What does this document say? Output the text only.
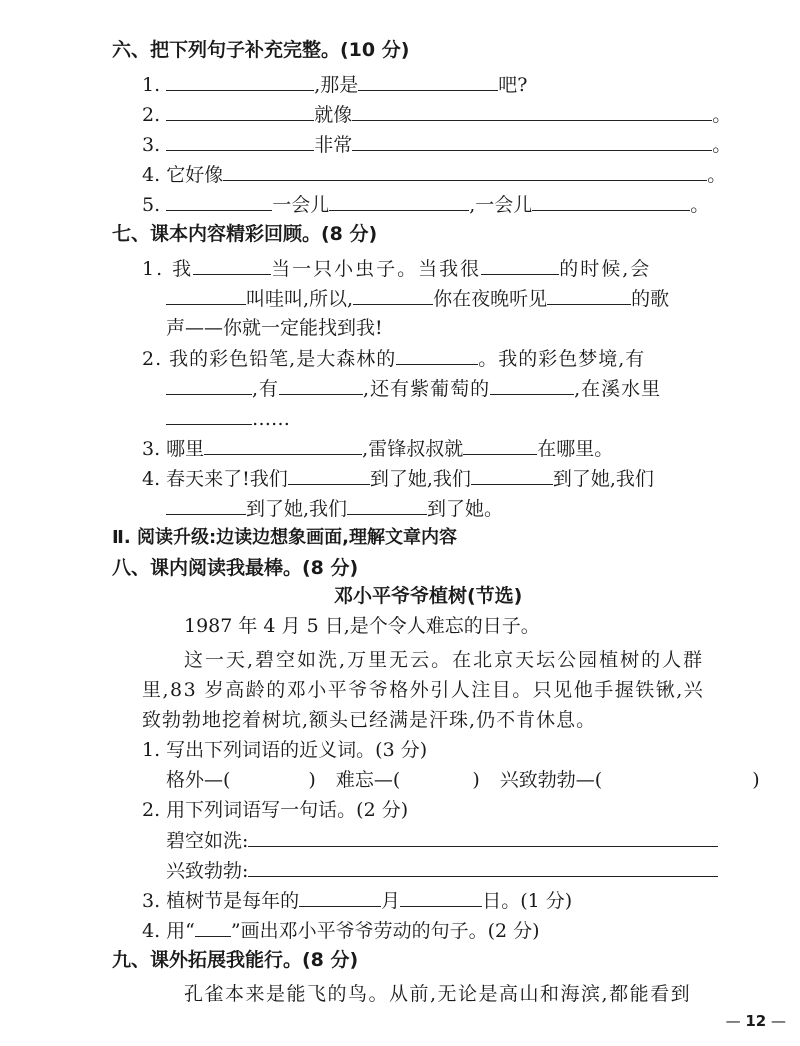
六、把下列句子补充完整。(10 分)
1.	,那是	吧?
2.	就像	。
3.	非常	。
4. 它好像	。
5.	一会儿	,一会儿	。
七、课本内容精彩回顾。(8 分)
1. 我	当一只小虫子。当我很	的时候,会
叫哇叫,所以,	你在夜晚听见	的歌
声——你就一定能找到我!
2. 我的彩色铅笔,是大森林的	。我的彩色梦境,有
,有	,还有紫葡萄的	,在溪水里
……
3. 哪里	,雷锋叔叔就	在哪里。
4. 春天来了!我们	到了她,我们	到了她,我们
到了她,我们	到了她。
Ⅱ. 阅读升级:边读边想象画面,理解文章内容
八、课内阅读我最棒。(8 分)
邓小平爷爷植树(节选)
1987 年 4 月 5 日,是个令人难忘的日子。
这一天,碧空如洗,万里无云。在北京天坛公园植树的人群
里,83 岁高龄的邓小平爷爷格外引人注目。只见他手握铁锹,兴
致勃勃地挖着树坑,额头已经满是汗珠,仍不肯休息。
1. 写出下列词语的近义词。(3 分)
格外—(	) 难忘—(	) 兴致勃勃—(	)
2. 用下列词语写一句话。(2 分)
碧空如洗:
兴致勃勃:
3. 植树节是每年的	月	日。(1 分)
4. 用“ ”画出邓小平爷爷劳动的句子。(2 分)
九、课外拓展我能行。(8 分)
孔雀本来是能飞的鸟。从前,无论是高山和海滨,都能看到
— 12 —
